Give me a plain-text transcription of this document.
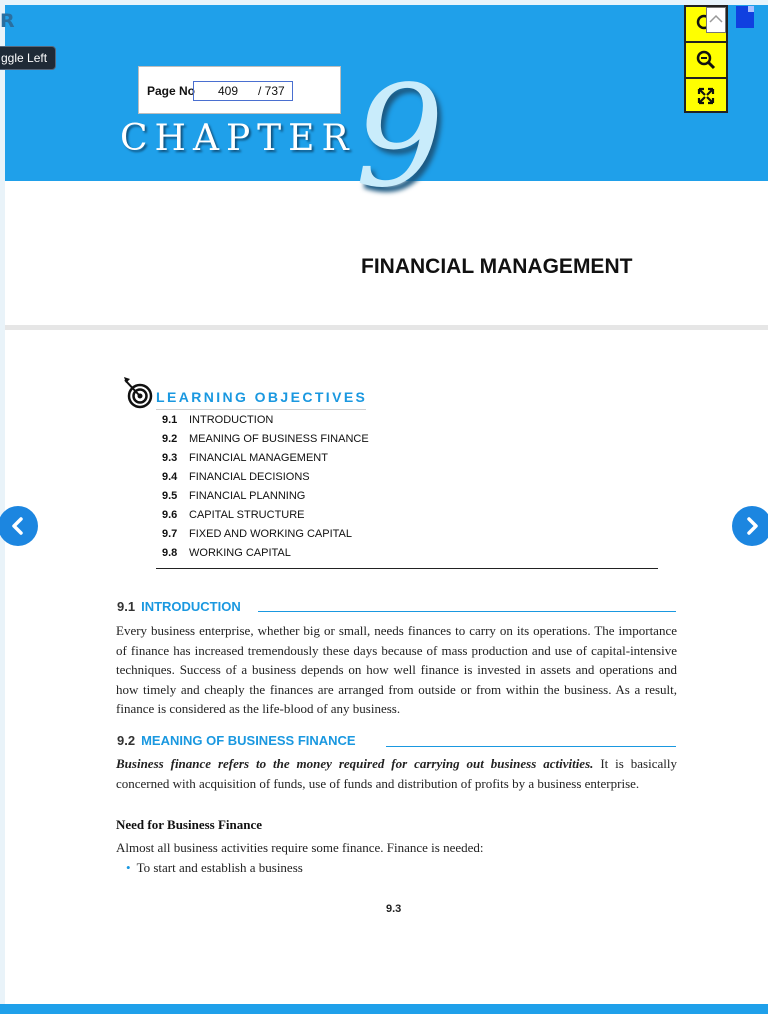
R
ggle Left
Page No 409 / 737
CHAPTER 9
FINANCIAL MANAGEMENT
LEARNING OBJECTIVES
9.1 INTRODUCTION
9.2 MEANING OF BUSINESS FINANCE
9.3 FINANCIAL MANAGEMENT
9.4 FINANCIAL DECISIONS
9.5 FINANCIAL PLANNING
9.6 CAPITAL STRUCTURE
9.7 FIXED AND WORKING CAPITAL
9.8 WORKING CAPITAL
9.1 INTRODUCTION

Every business enterprise, whether big or small, needs finances to carry on its operations. The importance of finance has increased tremendously these days because of mass production and use of capital-intensive techniques. Success of a business depends on how well finance is invested in assets and operations and how timely and cheaply the finances are arranged from outside or from within the business. As a result, finance is considered as the life-blood of any business.

9.2 MEANING OF BUSINESS FINANCE

Business finance refers to the money required for carrying out business activities. It is basically concerned with acquisition of funds, use of funds and distribution of profits by a business enterprise.

Need for Business Finance
Almost all business activities require some finance. Finance is needed:
• To start and establish a business
9.3
